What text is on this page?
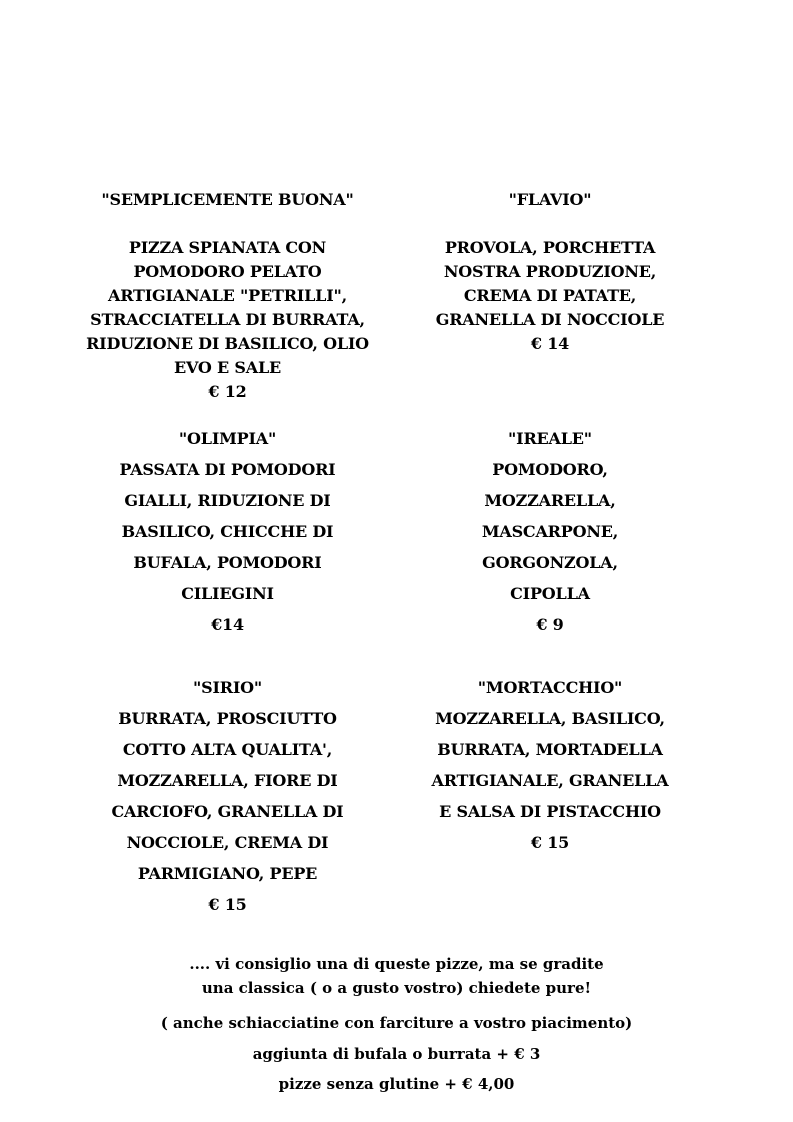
"SEMPLICEMENTE BUONA"
PIZZA SPIANATA CON
POMODORO PELATO
ARTIGIANALE "PETRILLI",
STRACCIATELLA DI BURRATA,
RIDUZIONE DI BASILICO, OLIO
EVO E SALE
€ 12
"FLAVIO"
PROVOLA, PORCHETTA
NOSTRA PRODUZIONE,
CREMA DI PATATE,
GRANELLA DI NOCCIOLE
€ 14
"OLIMPIA"
PASSATA DI POMODORI
GIALLI, RIDUZIONE DI
BASILICO, CHICCHE DI
BUFALA, POMODORI
CILIEGINI
€14
"IREALE"
POMODORO,
MOZZARELLA,
MASCARPONE,
GORGONZOLA,
CIPOLLA
€ 9
"SIRIO"
BURRATA, PROSCIUTTO
COTTO ALTA QUALITA',
MOZZARELLA, FIORE DI
CARCIOFO, GRANELLA DI
NOCCIOLE, CREMA DI
PARMIGIANO, PEPE
€ 15
"MORTACCHIO"
MOZZARELLA, BASILICO,
BURRATA, MORTADELLA
ARTIGIANALE, GRANELLA
E SALSA DI PISTACCHIO
€ 15
.... vi consiglio una di queste pizze, ma se gradite
una classica ( o a gusto vostro) chiedete pure!
( anche schiacciatine con farciture a vostro piacimento)
aggiunta di bufala o burrata + € 3
pizze senza glutine + € 4,00
